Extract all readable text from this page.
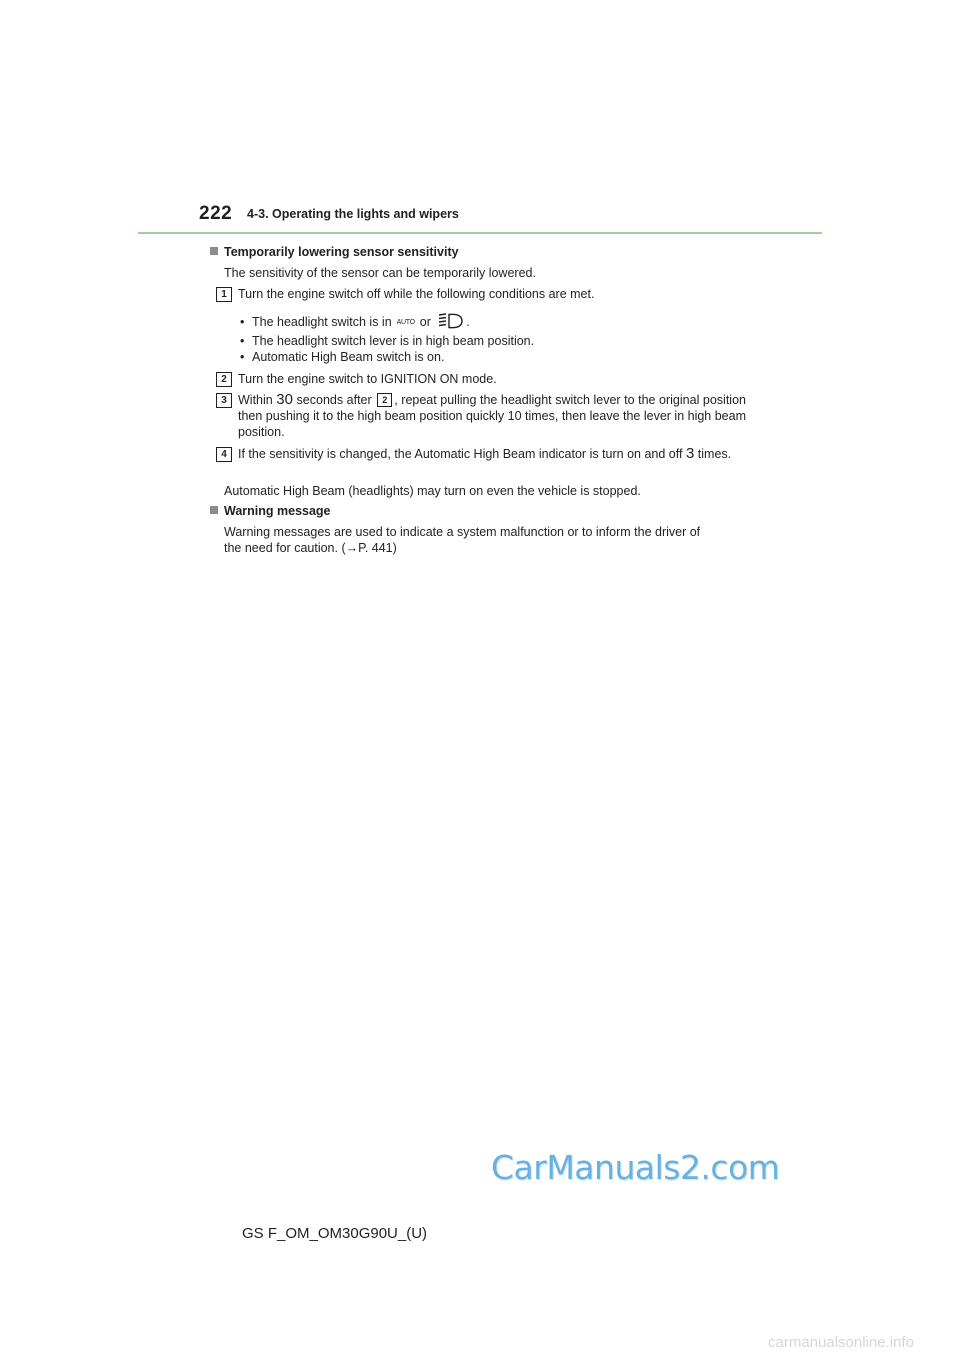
222 4-3. Operating the lights and wipers
Temporarily lowering sensor sensitivity
The sensitivity of the sensor can be temporarily lowered.
1 Turn the engine switch off while the following conditions are met.
• The headlight switch is in AUTO or	.
• The headlight switch lever is in high beam position.
• Automatic High Beam switch is on.
2 Turn the engine switch to IGNITION ON mode.
3 Within 30 seconds after 2 , repeat pulling the headlight switch lever to the original position then pushing it to the high beam position quickly 10 times, then leave the lever in high beam position.
4 If the sensitivity is changed, the Automatic High Beam indicator is turn on and off 3 times.
Automatic High Beam (headlights) may turn on even the vehicle is stopped.
Warning message
Warning messages are used to indicate a system malfunction or to inform the driver of
the need for caution. (→P. 441)
CarManuals2.com
GS F_OM_OM30G90U_(U)
carmanualsonline.info
